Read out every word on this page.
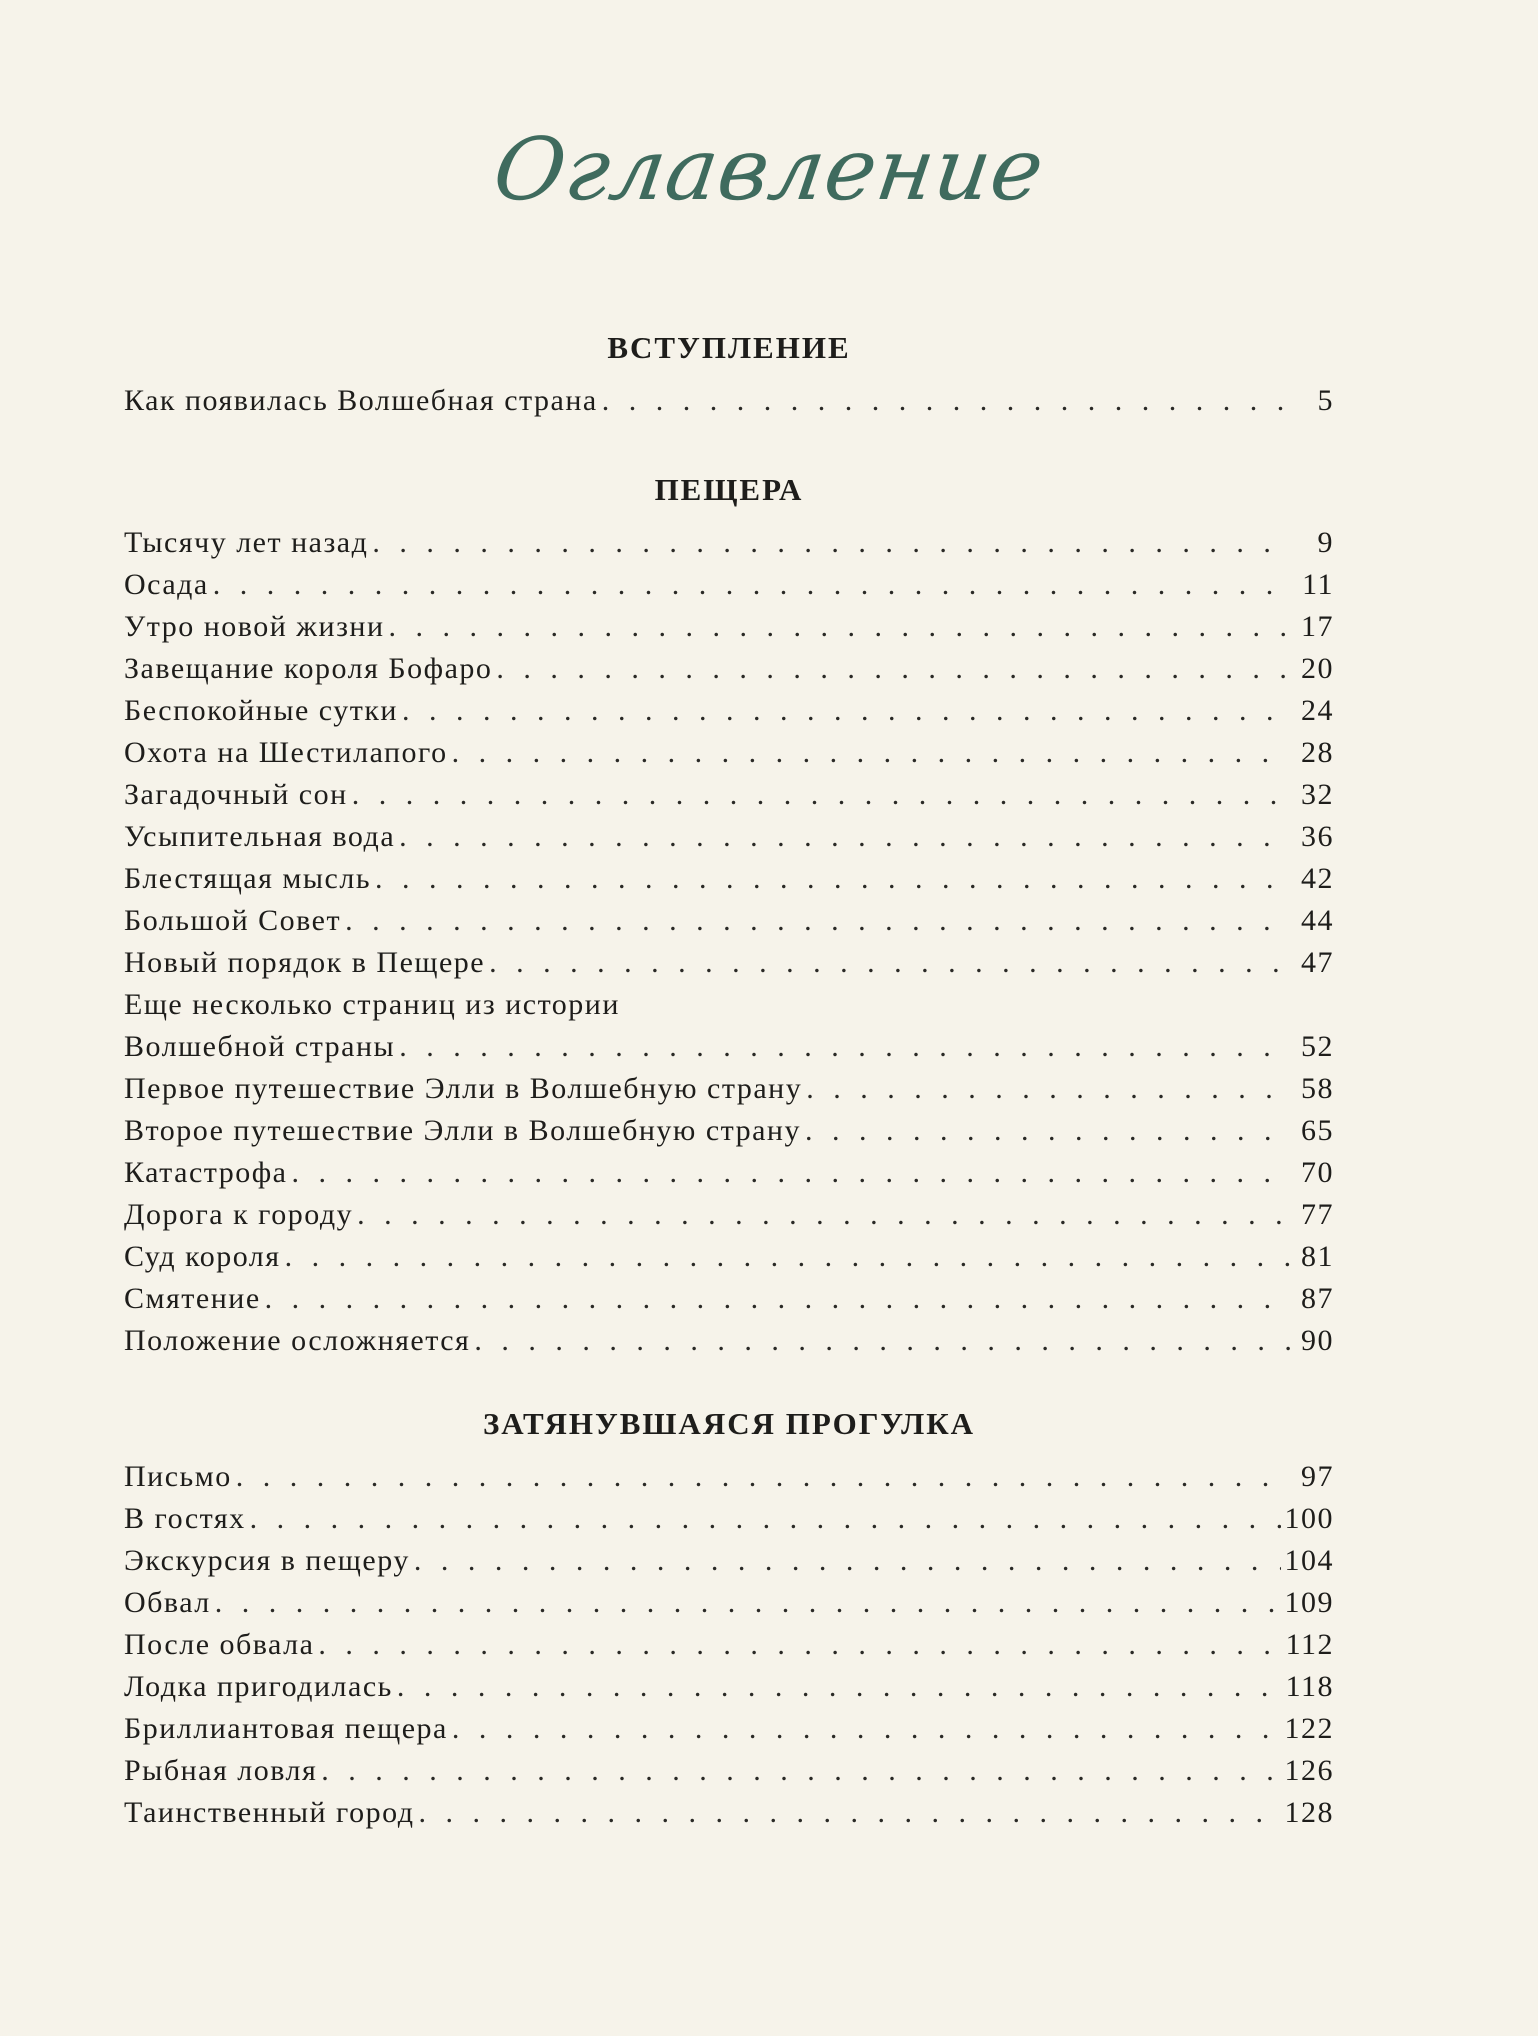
Оглавление
ВСТУПЛЕНИЕ
Как появилась Волшебная страна . . .	5
ПЕЩЕРА
Тысячу лет назад . . .	9
Осада . . .	11
Утро новой жизни . . .	17
Завещание короля Бофаро . . .	20
Беспокойные сутки . . .	24
Охота на Шестилапого . . .	28
Загадочный сон . . .	32
Усыпительная вода . . .	36
Блестящая мысль . . .	42
Большой Совет . . .	44
Новый порядок в Пещере . . .	47
Еще несколько страниц из истории
Волшебной страны . . .	52
Первое путешествие Элли в Волшебную страну . . .	58
Второе путешествие Элли в Волшебную страну . . .	65
Катастрофа . . .	70
Дорога к городу . . .	77
Суд короля . . .	81
Смятение . . .	87
Положение осложняется . . .	90
ЗАТЯНУВШАЯСЯ ПРОГУЛКА
Письмо . . .	97
В гостях . . .	100
Экскурсия в пещеру . . .	104
Обвал . . .	109
После обвала . . .	112
Лодка пригодилась . . .	118
Бриллиантовая пещера . . .	122
Рыбная ловля . . .	126
Таинственный город . . .	128
